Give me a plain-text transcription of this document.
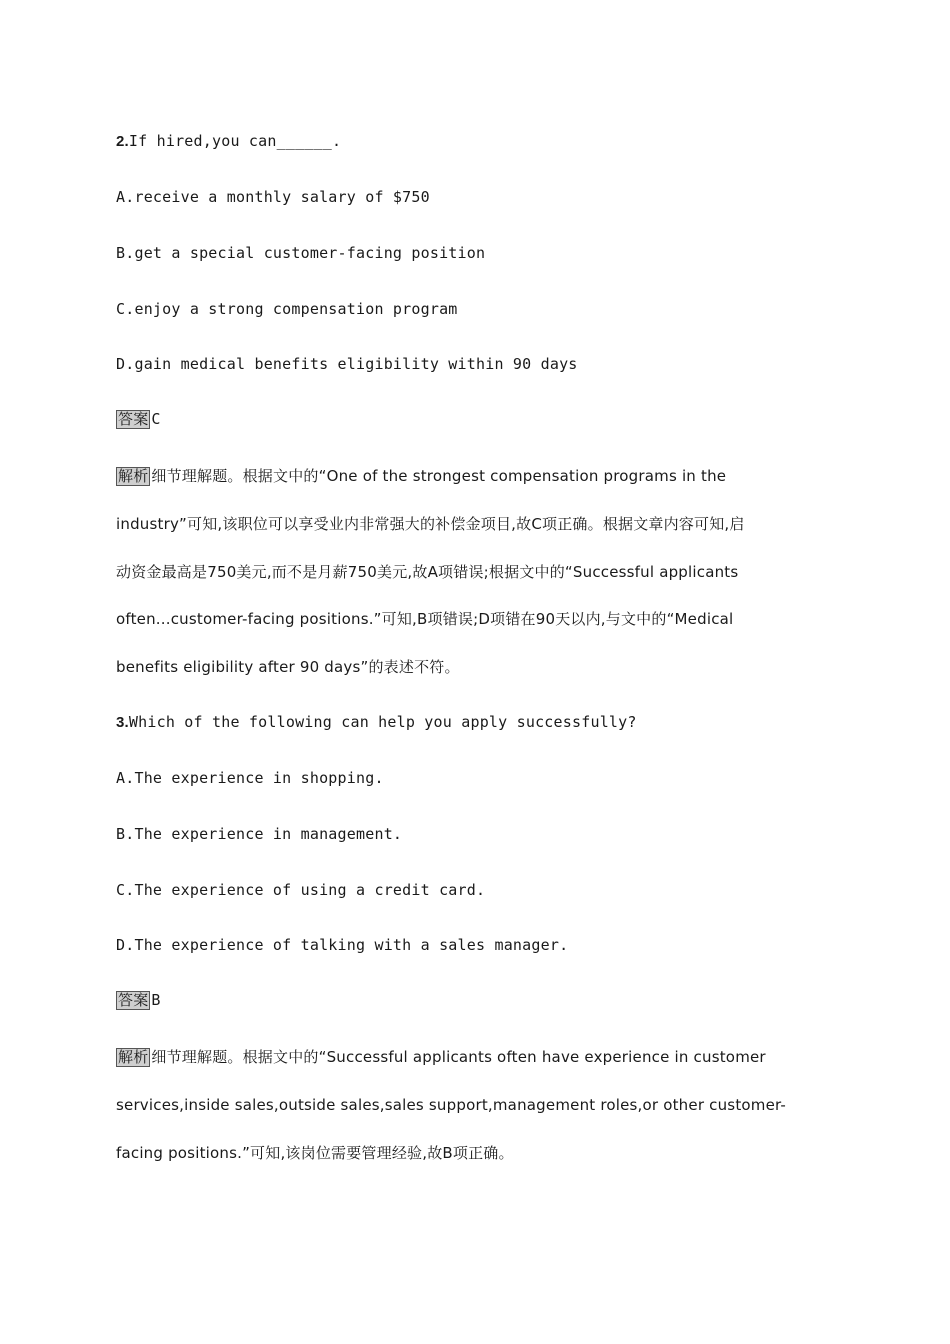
2.If hired,you can______.
A.receive a monthly salary of $750
B.get a special customer-facing position
C.enjoy a strong compensation program
D.gain medical benefits eligibility within 90 days
答案 C
解析 细节理解题。根据文中的“One of the strongest compensation programs in the
industry”可知,该职位可以享受业内非常强大的补偿金项目,故C项正确。根据文章内容可知,启
动资金最高是750美元,而不是月薪750美元,故A项错误;根据文中的“Successful applicants
often...customer-facing positions.”可知,B项错误;D项错在90天以内,与文中的“Medical
benefits eligibility after 90 days”的表述不符。
3.Which of the following can help you apply successfully?
A.The experience in shopping.
B.The experience in management.
C.The experience of using a credit card.
D.The experience of talking with a sales manager.
答案 B
解析 细节理解题。根据文中的“Successful applicants often have experience in customer
services,inside sales,outside sales,sales support,management roles,or other customer-
facing positions.”可知,该岗位需要管理经验,故B项正确。
